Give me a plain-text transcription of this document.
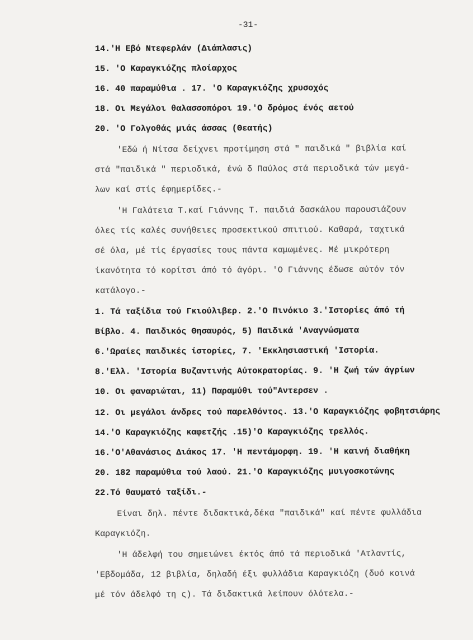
-31-
14.'Η Εβό Ντεφερλάν (Διάπλασις)
15. 'Ο Καραγκιόζης πλοίαρχος
16. 40 παραμύθια . 17. 'Ο Καραγκιόζης χρυσοχός
18. Οι Μεγάλοι θαλασσοπόροι 19.'Ο δρόμος ένός αετού
20. 'Ο Γολγοθάς μιάς άσσας (Θεατής)
'Εδώ ή Νίτσα δείχνει προτίμηση στά " παιδικά " βιβλία καί
στά "παιδικά " περιοδικά, ένώ δ Παύλος στά περιοδικά τών μεγά-
λων καί στίς έφημερίδες.-
'Η Γαλάτεια Τ.καί Γιάννης Τ. παιδιά δασκάλου παρουσιάζουν
όλες τίς καλές συνήθειες προσεκτικού σπιτιού. Καθαρά, ταχτικά
σέ όλα, μέ τίς έργασίες τους πάντα καμωμένες. Μέ μικρότερη
ίκανότητα τό κορίτσι άπό τό άγόρι. 'Ο Γιάννης έδωσε αύτόν τόν
κατάλογο.-
1. Τά ταξίδια τού Γκιούλιβερ. 2.'Ο Πινόκιο 3.'Ιστορίες άπό τή
Βίβλο. 4. Παιδικός Θησαυρός, 5) Παιδικά 'Αναγνώσματα
6.'Ωραίες παιδικές ίστορίες, 7. 'Εκκλησιαστική 'Ιστορία.
8.'Ελλ. 'Ιστορία Βυζαντινής Αύτοκρατορίας. 9. 'Η ζωή τών άγρίων
10. Οι φαναριώται, 11) Παραμύθι τού"Αντερσεν .
12. Οι μεγάλοι άνδρες τού παρελθόντος. 13.'Ο Καραγκιόζης φοβητσιάρης
14.'Ο Καραγκιόζης καφετζής .15)'Ο Καραγκιόζης τρελλός.
16.'Ο'Αθανάσιος Διάκος 17. 'Η πεντάμορφη. 19. 'Η καινή διαθήκη
20. 182 παραμύθια τού λαού. 21.'Ο Καραγκιόζης μυιγοσκοτώνης
22.Τό θαυματό ταξίδι.-
Είναι δηλ. πέντε διδακτικά,δέκα "παιδικά" καί πέντε φυλλάδια
Καραγκιόζη.
'Η άδελφή του σημειώνει έκτός άπό τά περιοδικά 'Ατλαντίς,
'Εβδομάδα, 12 βιβλία, δηλαδή έξι φυλλάδια Καραγκιόζη (δυό κοινά
μέ τόν άδελφό τη ς). Τά διδακτικά λείπουν όλότελα.-
